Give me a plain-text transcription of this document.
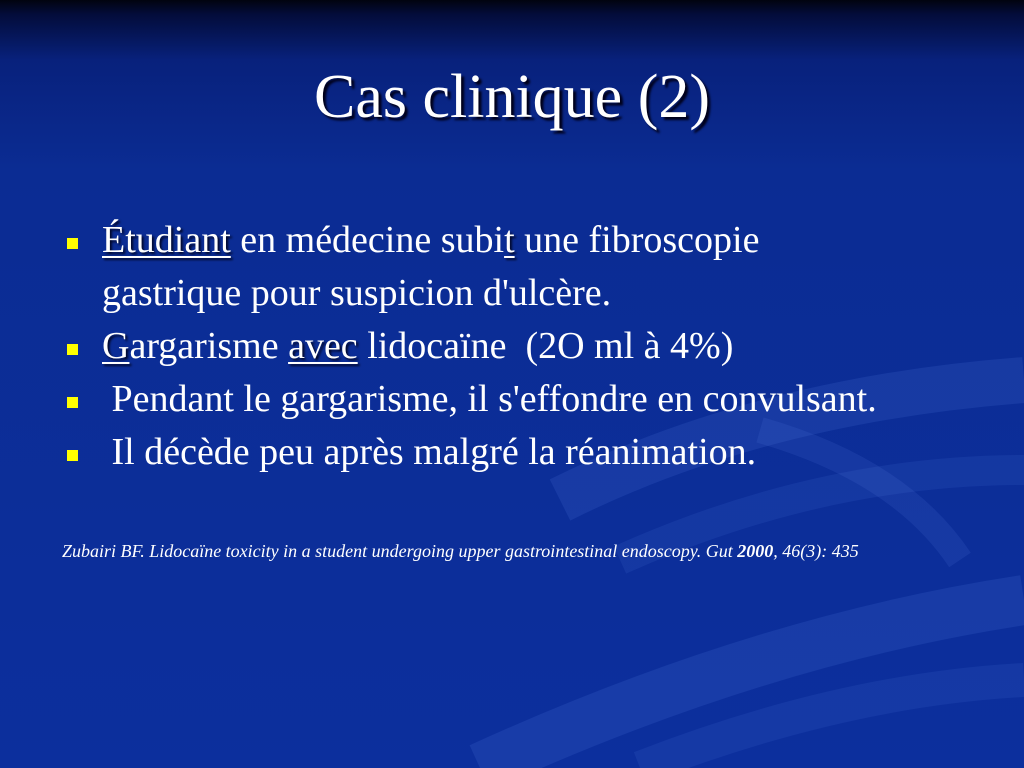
Cas clinique (2)
Étudiant en médecine subit une fibroscopie
gastrique pour suspicion d'ulcère.
Gargarisme avec lidocaïne  (2O ml à 4%)
Pendant le gargarisme, il s'effondre en convulsant.
Il décède peu après malgré la réanimation.

Zubairi BF. Lidocaïne toxicity in a student undergoing upper gastrointestinal endoscopy. Gut 2000, 46(3): 435
